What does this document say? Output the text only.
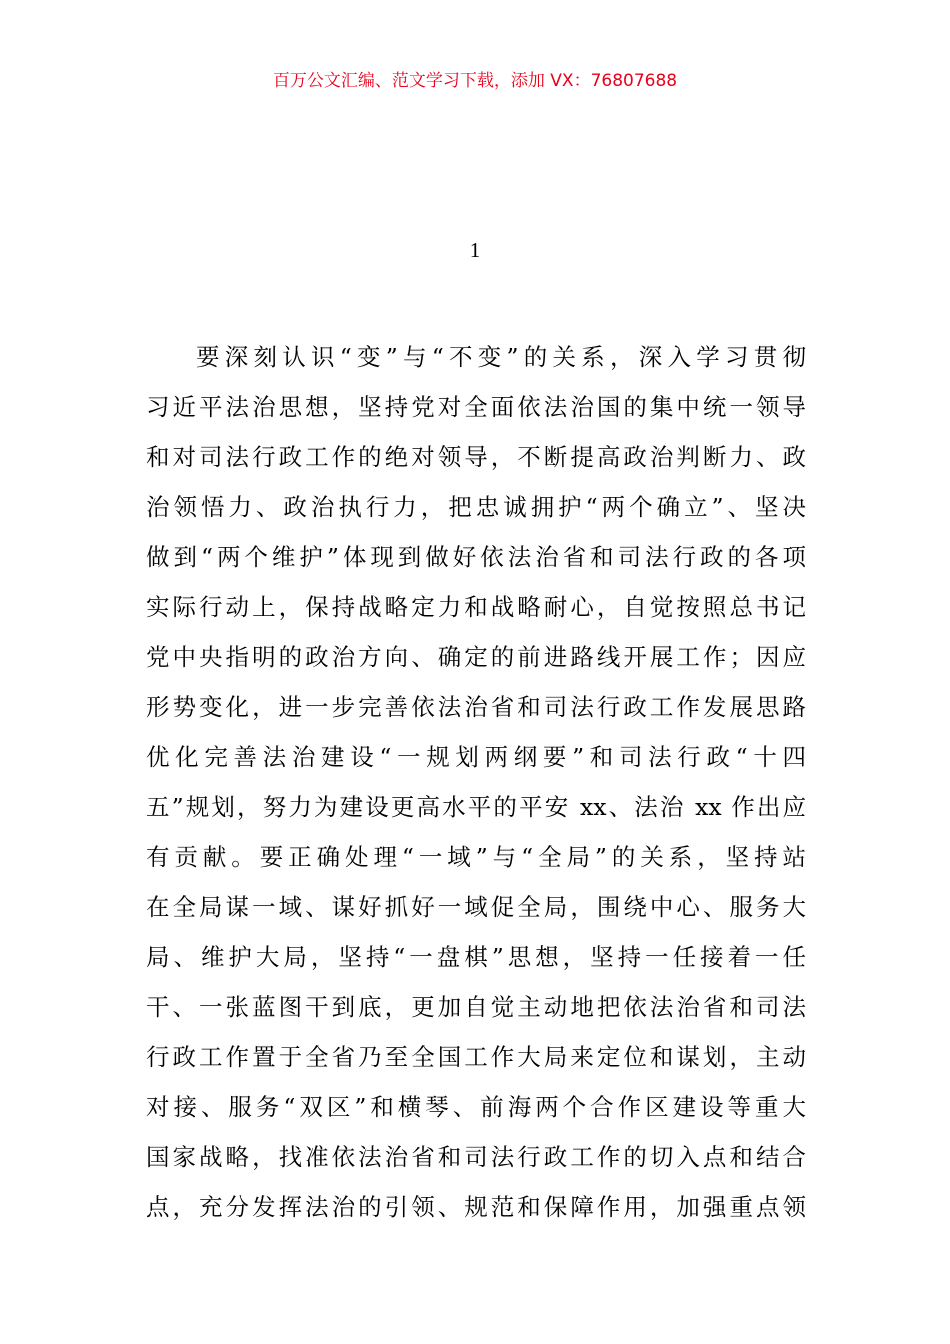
百万公文汇编、范文学习下载，添加 VX：76807688
1
要深刻认识“变”与“不变”的关系，深入学习贯彻
习近平法治思想，坚持党对全面依法治国的集中统一领导
和对司法行政工作的绝对领导，不断提高政治判断力、政
治领悟力、政治执行力，把忠诚拥护“两个确立”、坚决
做到“两个维护”体现到做好依法治省和司法行政的各项
实际行动上，保持战略定力和战略耐心，自觉按照总书记
党中央指明的政治方向、确定的前进路线开展工作；因应
形势变化，进一步完善依法治省和司法行政工作发展思路
优化完善法治建设“一规划两纲要”和司法行政“十四
五”规划，努力为建设更高水平的平安 xx、法治 xx 作出应
有贡献。要正确处理“一域”与“全局”的关系，坚持站
在全局谋一域、谋好抓好一域促全局，围绕中心、服务大
局、维护大局，坚持“一盘棋”思想，坚持一任接着一任
干、一张蓝图干到底，更加自觉主动地把依法治省和司法
行政工作置于全省乃至全国工作大局来定位和谋划，主动
对接、服务“双区”和横琴、前海两个合作区建设等重大
国家战略，找准依法治省和司法行政工作的切入点和结合
点，充分发挥法治的引领、规范和保障作用，加强重点领
